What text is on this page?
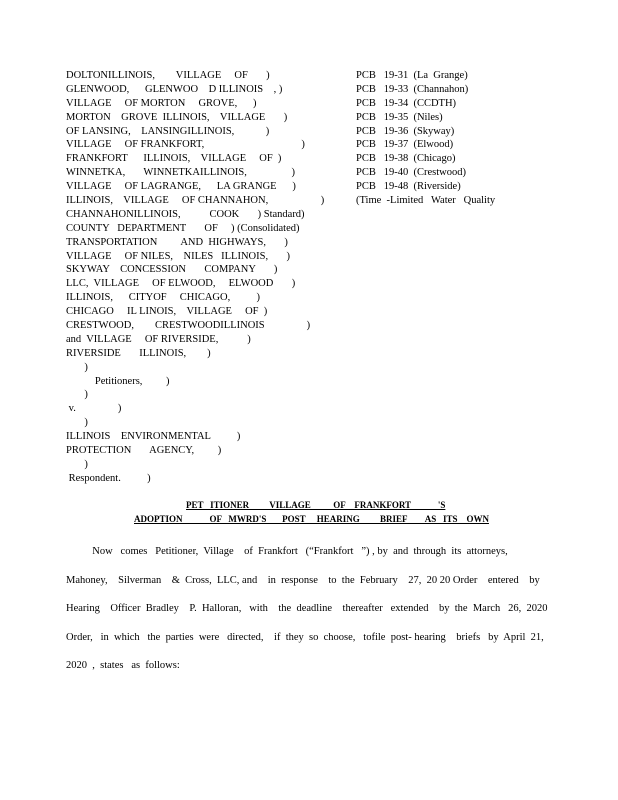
DOLTONILLINOIS,        VILLAGE     OF       )
GLENWOOD,      GLENWOO    D ILLINOIS    , )
VILLAGE     OF MORTON     GROVE,      )
MORTON    GROVE  ILLINOIS,    VILLAGE       )
OF LANSING,    LANSINGILLINOIS,            )
VILLAGE     OF FRANKFORT,                                     )
FRANKFORT      ILLINOIS,    VILLAGE     OF  )
WINNETKA,       WINNETKAILLINOIS,                 )
VILLAGE     OF LAGRANGE,      LA GRANGE      )
ILLINOIS,    VILLAGE     OF CHANNAHON,                    )
CHANNAHONILLINOIS,           COOK       ) Standard)
COUNTY   DEPARTMENT       OF     ) (Consolidated)
TRANSPORTATION         AND  HIGHWAYS,       )
VILLAGE     OF NILES,    NILES   ILLINOIS,       )
SKYWAY    CONCESSION       COMPANY       )
LLC,  VILLAGE     OF ELWOOD,     ELWOOD       )
ILLINOIS,      CITYOF     CHICAGO,          )
CHICAGO     IL LINOIS,    VILLAGE     OF  )
CRESTWOOD,        CRESTWOODILLINOIS                )
and  VILLAGE     OF RIVERSIDE,           )
RIVERSIDE       ILLINOIS,        )
)
Petitioners,         )
)
v.                )
)
ILLINOIS    ENVIRONMENTAL          )
PROTECTION       AGENCY,         )
)
Respondent.          )
PCB   19-31  (La  Grange)
PCB   19-33  (Channahon)
PCB   19-34  (CCDTH)
PCB   19-35  (Niles)
PCB   19-36  (Skyway)
PCB   19-37  (Elwood)
PCB   19-38  (Chicago)
PCB   19-40  (Crestwood)
PCB   19-48  (Riverside)
(Time  -Limited   Water   Quality
PET   ITIONER         VILLAGE          OF    FRANKFORT            'S
ADOPTION            OF   MWRD'S       POST     HEARING         BRIEF        AS   ITS    OWN
Now   comes   Petitioner,  Village    of  Frankfort   (“Frankfort   ”) , by  and  through  its  attorneys,
Mahoney,    Silverman    &  Cross,  LLC, and    in  response    to  the  February    27,  20 20 Order    entered    by
Hearing    Officer  Bradley    P.  Halloran,   with    the  deadline    thereafter   extended    by  the  March   26,  2020
Order,   in  which   the  parties  were   directed,    if  they  so  choose,   tofile  post- hearing    briefs   by  April  21,
2020  ,  states   as  follows:
